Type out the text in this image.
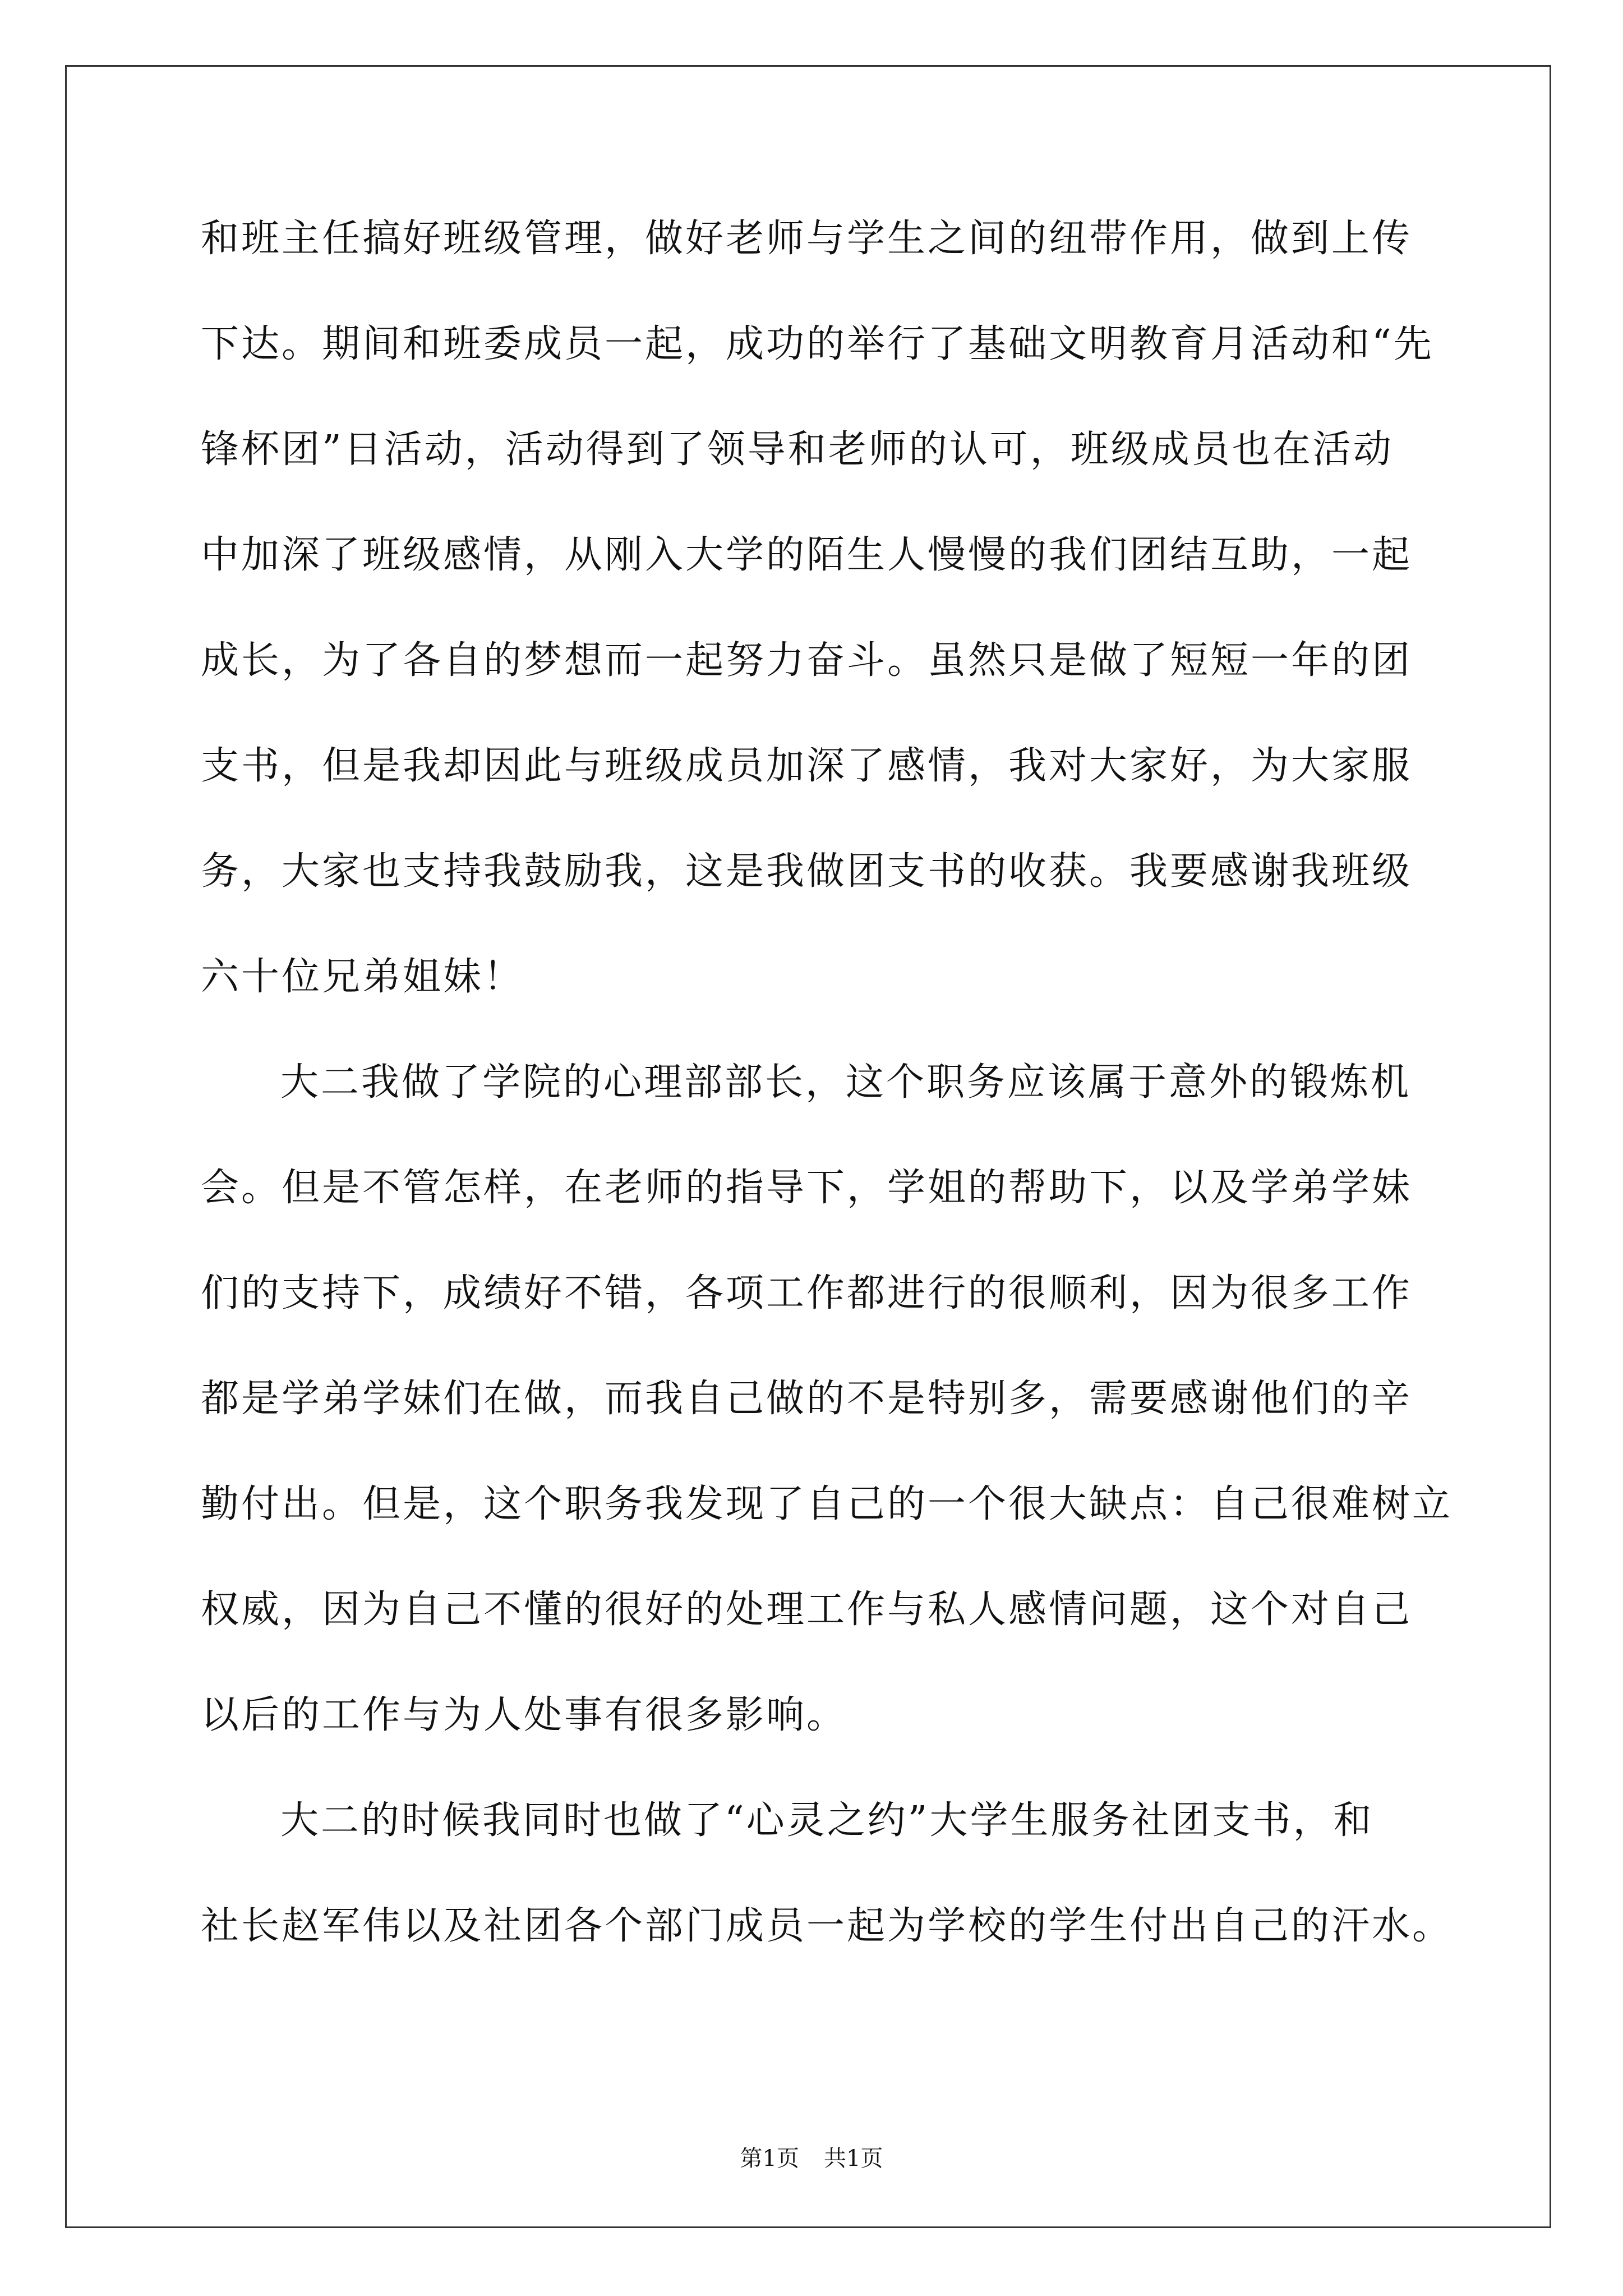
和班主任搞好班级管理，做好老师与学生之间的纽带作用，做到上传
下达。期间和班委成员一起，成功的举行了基础文明教育月活动和“先
锋杯团”日活动，活动得到了领导和老师的认可，班级成员也在活动
中加深了班级感情，从刚入大学的陌生人慢慢的我们团结互助，一起
成长，为了各自的梦想而一起努力奋斗。虽然只是做了短短一年的团
支书，但是我却因此与班级成员加深了感情，我对大家好，为大家服
务，大家也支持我鼓励我，这是我做团支书的收获。我要感谢我班级
六十位兄弟姐妹！
大二我做了学院的心理部部长，这个职务应该属于意外的锻炼机
会。但是不管怎样，在老师的指导下，学姐的帮助下，以及学弟学妹
们的支持下，成绩好不错，各项工作都进行的很顺利，因为很多工作
都是学弟学妹们在做，而我自己做的不是特别多，需要感谢他们的辛
勤付出。但是，这个职务我发现了自己的一个很大缺点：自己很难树立
权威，因为自己不懂的很好的处理工作与私人感情问题，这个对自己
以后的工作与为人处事有很多影响。
大二的时候我同时也做了“心灵之约”大学生服务社团支书，和
社长赵军伟以及社团各个部门成员一起为学校的学生付出自己的汗水。
第1页 共1页
